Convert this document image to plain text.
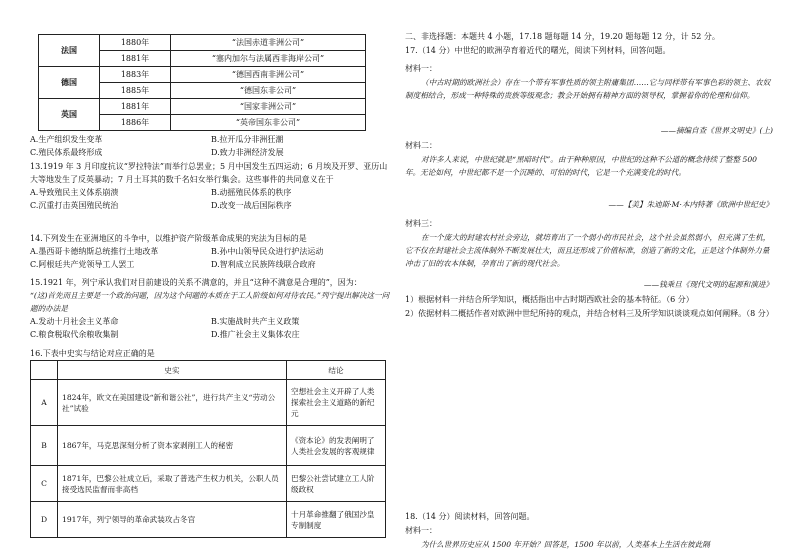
法国	1880年	“法国赤道非洲公司”
	1881年	“塞内加尔与法属西非海岸公司”
德国	1883年	“德国西南非洲公司”
	1885年	“德国东非公司”
英国	1881年	“国家非洲公司”
	1886年	“英帝国东非公司”
A.生产组织发生变革	B.拉开瓜分非洲狂潮
C.殖民体系最终形成	D.致力非洲经济发展
13.1919 年 3 月印度抗议“罗拉特法”而举行总罢业；5 月中国发生五四运动；6 月埃及开罗、亚历山大等地发生了反英暴动；7 月土耳其的数千名妇女举行集会。这些事件的共同意义在于
A.导致殖民主义体系崩溃	B.动摇殖民体系的秩序
C.沉重打击英国殖民统治	D.改变一战后国际秩序
14.下列发生在亚洲地区的斗争中，以维护资产阶级革命成果的宪法为目标的是
A.墨西哥卡德纳斯总统推行土地改革	B.孙中山领导民众进行护法运动
C.阿根廷共产党领导工人罢工	D.智利成立民族阵线联合政府
15.1921 年，列宁承认我们对目前建设的关系不满意的，并且“这种不满意是合理的”，因为：
“(这)首先而且主要是一个政治问题，因为这个问题的本质在于工人阶级如何对待农民。”列宁提出解决这一问题的办法是
A.发动十月社会主义革命	B.实施战时共产主义政策
C.粮食税取代余粮收集制	D.推广社会主义集体农庄
16.下表中史实与结论对应正确的是
	史实	结论
A	1824年，欧文在美国建设“新和谐公社”，进行共产主义“劳动公社”试验	空想社会主义开辟了人类探索社会主义道路的新纪元
B	1867年，马克思深刻分析了资本家剥削工人的秘密	《资本论》的发表阐明了人类社会发展的客观规律
C	1871年，巴黎公社成立后，采取了普选产生权力机关，公职人员接受选民监督而非高档	巴黎公社尝试建立工人阶级政权
D	1917年，列宁领导的革命武装攻占冬宫	十月革命推翻了俄国沙皇专制制度
二、非选择题：本题共 4 小题，17.18 题每题 14 分，19.20 题每题 12 分，计 52 分。
17.（14 分）中世纪的欧洲孕育着近代的曙光，阅读下列材料，回答问题。
材料一：
（中古时期的欧洲社会）存在一个带有军事性质的领主附庸集团……它与同样带有军事色彩的领主、农奴制度相结合，形成一种特殊的贵族等级观念；教会开始拥有精神方面的领导权，掌握着你的伦理和信仰。
——摘编自查《世界文明史》(上)
材料二：
对许多人来说，中世纪就是“黑暗时代”。由于种种原因，中世纪的这种不公道的概念持续了整整 500 年。无论如何，中世纪都不是一个沉睡的、可怕的时代，它是一个充满变化的时代。
——【美】朱迪斯·M·本内特著《欧洲中世纪史》
材料三：
在一个庞大的封建农村社会旁边，就培育出了一个弱小的市民社会，这个社会虽然弱小，但充满了生机，它不仅在封建社会主流体制外不断发展壮大，而且还形成了价值标准，创造了新的文化，正是这个体制外力量冲击了旧的农本体制，孕育出了新的现代社会。
——钱乘旦《现代文明的起源和演进》
1）根据材料一并结合所学知识，概括指出中古时期西欧社会的基本特征。（6 分）
2）依据材料二概括作者对欧洲中世纪所持的观点，并结合材料三及所学知识谈谈观点如何阐释。（8 分）
18.（14 分）阅读材料，回答问题。
材料一：
为什么世界历史应从 1500 年开始？回答是，1500 年以前，人类基本上生活在彼此隔
